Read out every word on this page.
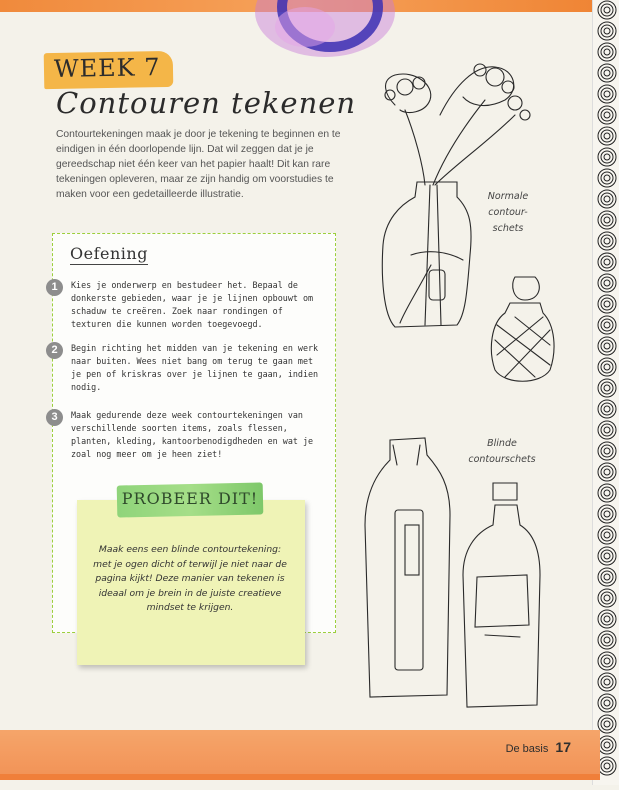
WEEK 7
Contouren tekenen
Contourtekeningen maak je door je tekening te beginnen en te eindigen in één doorlopende lijn. Dat wil zeggen dat je je gereedschap niet één keer van het papier haalt! Dit kan rare tekeningen opleveren, maar ze zijn handig om voorstudies te maken voor een gedetailleerde illustratie.
Oefening
1	Kies je onderwerp en bestudeer het. Bepaal de donkerste gebieden, waar je je lijnen opbouwt om schaduw te creëren. Zoek naar rondingen of texturen die kunnen worden toegevoegd.
2	Begin richting het midden van je tekening en werk naar buiten. Wees niet bang om terug te gaan met je pen of kriskras over je lijnen te gaan, indien nodig.
3	Maak gedurende deze week contourtekeningen van verschillende soorten items, zoals flessen, planten, kleding, kantoorbenodigdheden en wat je zoal nog meer om je heen ziet!
PROBEER DIT!
Maak eens een blinde contourtekening: met je ogen dicht of terwijl je niet naar de pagina kijkt! Deze manier van tekenen is ideaal om je brein in de juiste creatieve mindset te krijgen.
Normale contour-schets
Blinde contourschets
De basis 17
